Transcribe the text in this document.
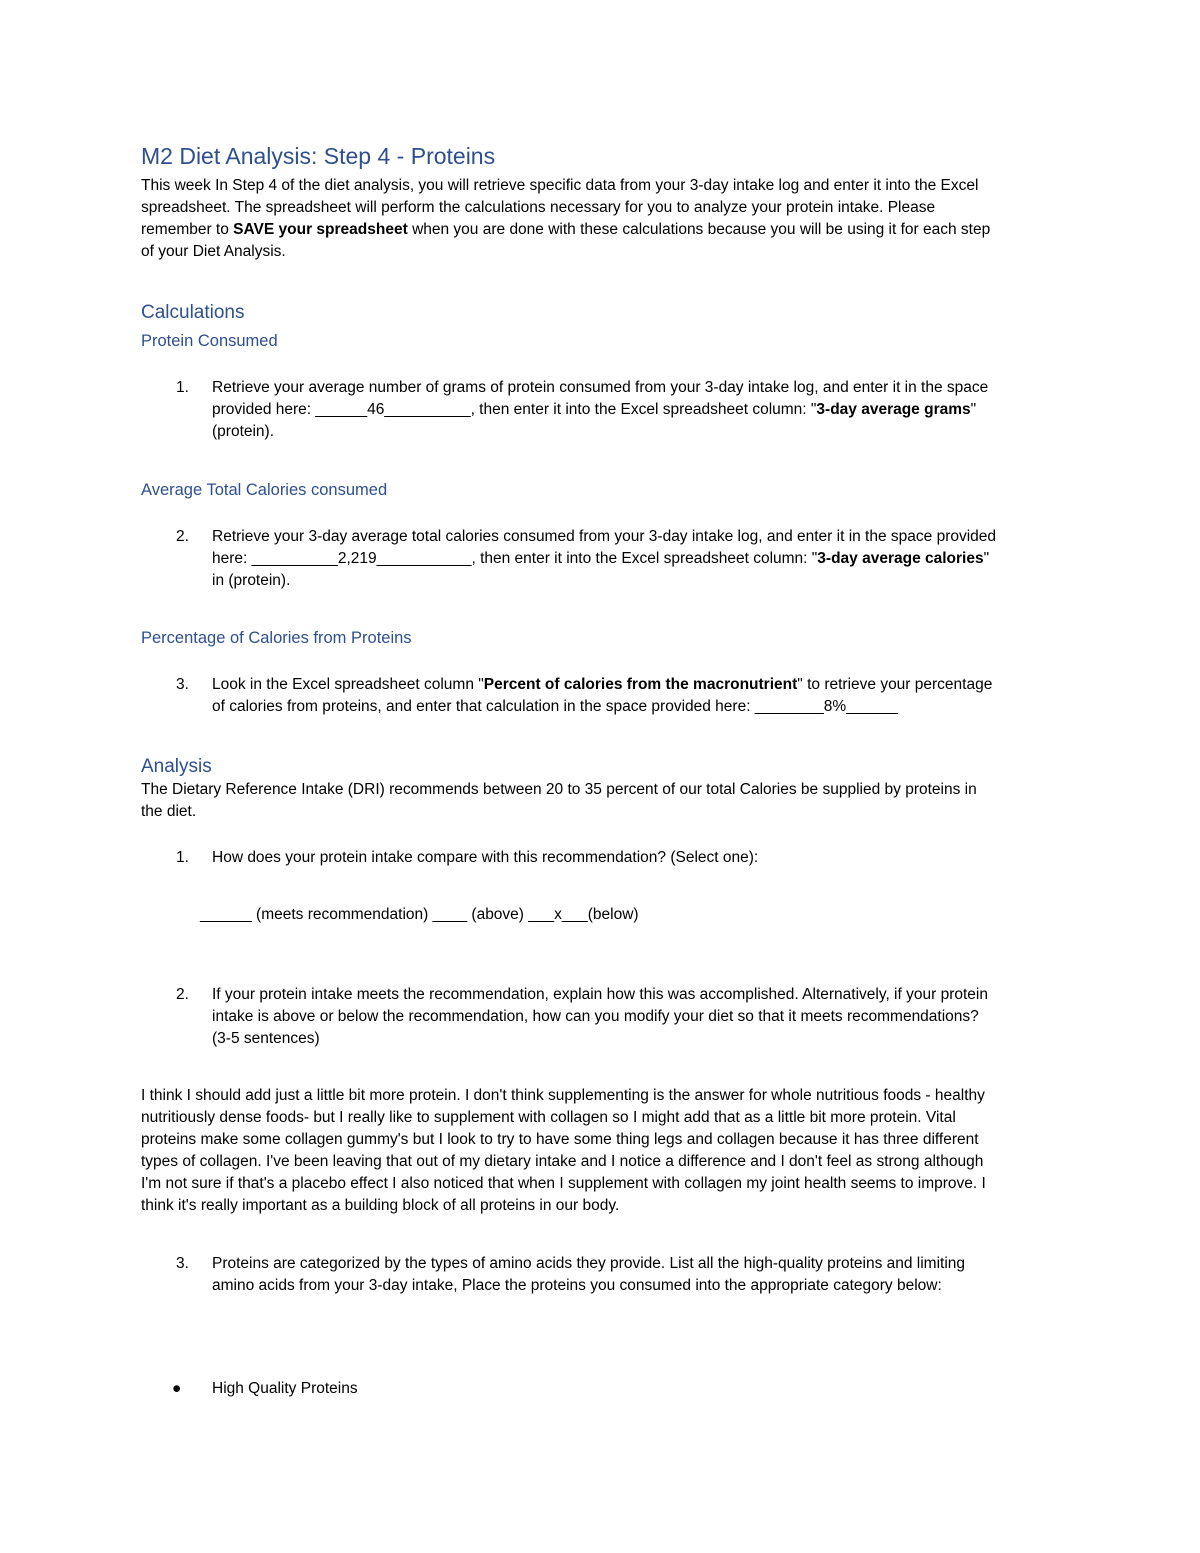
M2 Diet Analysis: Step 4 - Proteins
This week In Step 4 of the diet analysis, you will retrieve specific data from your 3-day intake log and enter it into the Excel
spreadsheet. The spreadsheet will perform the calculations necessary for you to analyze your protein intake. Please
remember to SAVE your spreadsheet when you are done with these calculations because you will be using it for each step
of your Diet Analysis.
Calculations
Protein Consumed
1. Retrieve your average number of grams of protein consumed from your 3-day intake log, and enter it in the space
provided here: ______46__________, then enter it into the Excel spreadsheet column: "3-day average grams"
(protein).
Average Total Calories consumed
2. Retrieve your 3-day average total calories consumed from your 3-day intake log, and enter it in the space provided
here: __________2,219___________, then enter it into the Excel spreadsheet column: "3-day average calories"
in (protein).
Percentage of Calories from Proteins
3. Look in the Excel spreadsheet column "Percent of calories from the macronutrient" to retrieve your percentage
of calories from proteins, and enter that calculation in the space provided here: ________8%______
Analysis
The Dietary Reference Intake (DRI) recommends between 20 to 35 percent of our total Calories be supplied by proteins in
the diet.
1. How does your protein intake compare with this recommendation? (Select one):
______ (meets recommendation) ____ (above) ___x___(below)
2. If your protein intake meets the recommendation, explain how this was accomplished. Alternatively, if your protein
intake is above or below the recommendation, how can you modify your diet so that it meets recommendations?
(3-5 sentences)
I think I should add just a little bit more protein. I don't think supplementing is the answer for whole nutritious foods - healthy
nutritiously dense foods- but I really like to supplement with collagen so I might add that as a little bit more protein. Vital
proteins make some collagen gummy's but I look to try to have some thing legs and collagen because it has three different
types of collagen. I've been leaving that out of my dietary intake and I notice a difference and I don't feel as strong although
I'm not sure if that's a placebo effect I also noticed that when I supplement with collagen my joint health seems to improve. I
think it's really important as a building block of all proteins in our body.
3. Proteins are categorized by the types of amino acids they provide. List all the high-quality proteins and limiting
amino acids from your 3-day intake, Place the proteins you consumed into the appropriate category below:
● High Quality Proteins
